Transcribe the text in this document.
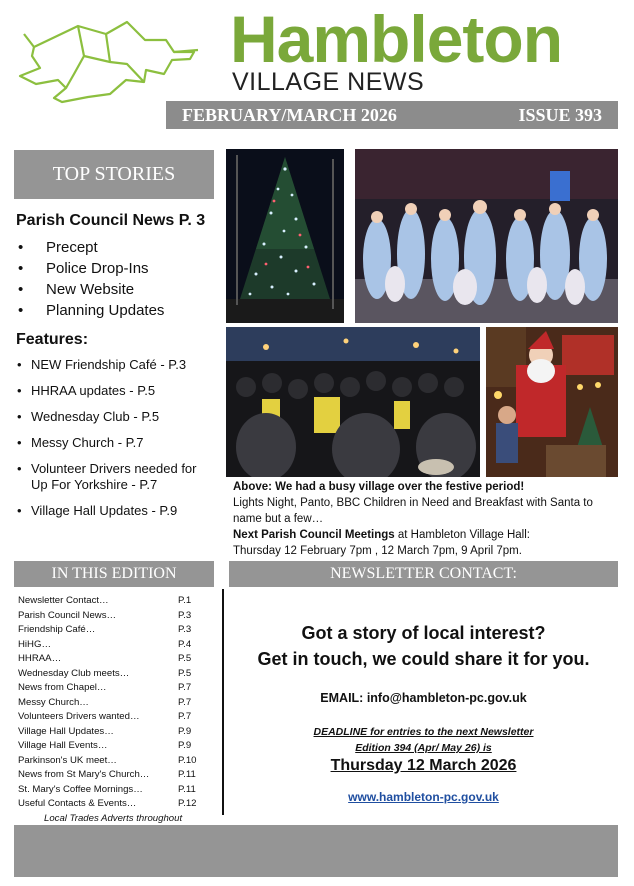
Hambleton
VILLAGE NEWS
FEBRUARY/MARCH 2026	ISSUE 393
TOP STORIES
Parish Council News P. 3
• Precept
• Police Drop-Ins
• New Website
• Planning Updates
Features:
• NEW Friendship Café - P.3
• HHRAA updates - P.5
• Wednesday Club - P.5
• Messy Church - P.7
• Volunteer Drivers needed for Up For Yorkshire - P.7
• Village Hall Updates - P.9
Above: We had a busy village over the festive period!
Lights Night, Panto, BBC Children in Need and Breakfast with Santa to name but a few…
Next Parish Council Meetings at Hambleton Village Hall:
Thursday 12 February 7pm , 12 March 7pm, 9 April 7pm.
IN THIS EDITION	NEWSLETTER CONTACT:
Newsletter Contact…	P.1
Parish Council News…	P.3
Friendship Café…	P.3
HiHG…	P.4
HHRAA…	P.5
Wednesday Club meets…	P.5
News from Chapel…	P.7
Messy Church…	P.7
Volunteers Drivers wanted…	P.7
Village Hall Updates…	P.9
Village Hall Events…	P.9
Parkinson's UK meet…	P.10
News from St Mary's Church…	P.11
St. Mary's Coffee Mornings…	P.11
Useful Contacts & Events…	P.12
Local Trades Adverts throughout
Got a story of local interest?
Get in touch, we could share it for you.
EMAIL: info@hambleton-pc.gov.uk
DEADLINE for entries to the next Newsletter
Edition 394 (Apr/ May 26) is
Thursday 12 March 2026
www.hambleton-pc.gov.uk
